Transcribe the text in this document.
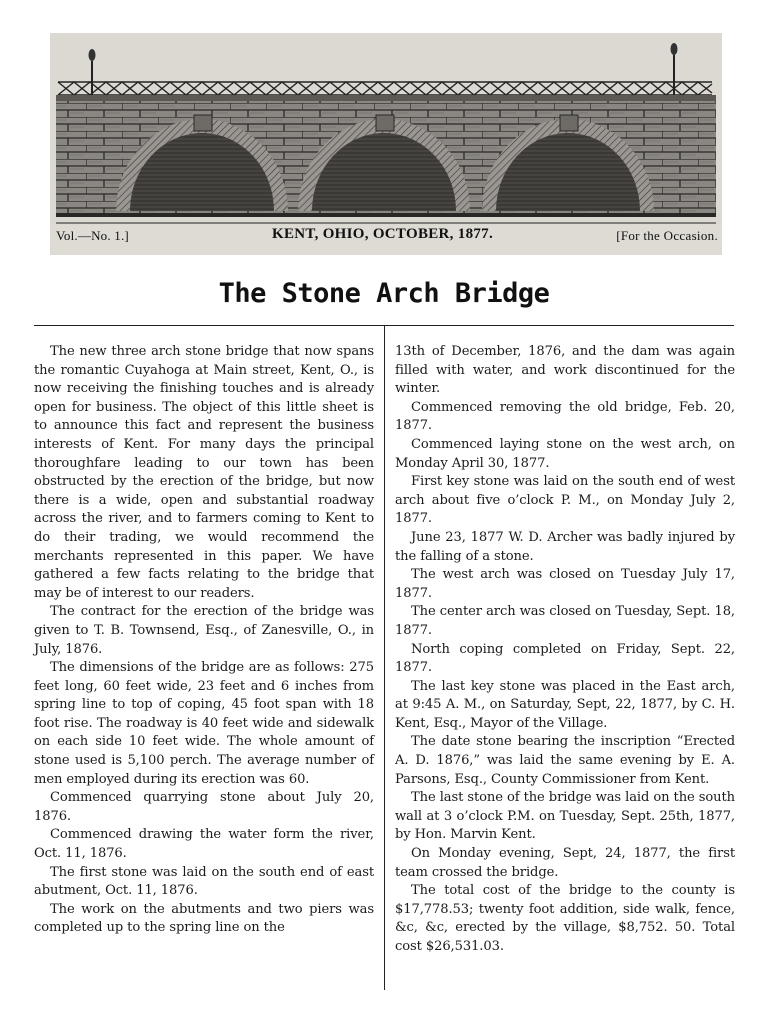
Vol.—No. 1.]	KENT, OHIO, OCTOBER, 1877.	[For the Occasion.
The Stone Arch Bridge

The new three arch stone bridge that now spans the romantic Cuyahoga at Main street, Kent, O., is now receiving the finishing touches and is already open for business. The object of this little sheet is to announce this fact and represent the business interests of Kent. For many days the principal thoroughfare leading to our town has been obstructed by the erection of the bridge, but now there is a wide, open and substantial roadway across the river, and to farmers coming to Kent to do their trading, we would recommend the merchants represented in this paper. We have gathered a few facts relating to the bridge that may be of interest to our readers.

The contract for the erection of the bridge was given to T. B. Townsend, Esq., of Zanesville, O., in July, 1876.

The dimensions of the bridge are as follows: 275 feet long, 60 feet wide, 23 feet and 6 inches from spring line to top of coping, 45 foot span with 18 foot rise. The roadway is 40 feet wide and sidewalk on each side 10 feet wide. The whole amount of stone used is 5,100 perch. The average number of men employed during its erection was 60.

Commenced quarrying stone about July 20, 1876.

Commenced drawing the water form the river, Oct. 11, 1876.

The first stone was laid on the south end of east abutment, Oct. 11, 1876.

The work on the abutments and two piers was completed up to the spring line on the

13th of December, 1876, and the dam was again filled with water, and work discontinued for the winter.

Commenced removing the old bridge, Feb. 20, 1877.

Commenced laying stone on the west arch, on Monday April 30, 1877.

First key stone was laid on the south end of west arch about five o’clock P. M., on Monday July 2, 1877.

June 23, 1877 W. D. Archer was badly injured by the falling of a stone.

The west arch was closed on Tuesday July 17, 1877.

The center arch was closed on Tuesday, Sept. 18, 1877.

North coping completed on Friday, Sept. 22, 1877.

The last key stone was placed in the East arch, at 9:45 A. M., on Saturday, Sept, 22, 1877, by C. H. Kent, Esq., Mayor of the Village.

The date stone bearing the inscription “Erected A. D. 1876,” was laid the same evening by E. A. Parsons, Esq., County Commissioner from Kent.

The last stone of the bridge was laid on the south wall at 3 o’clock P.M. on Tuesday, Sept. 25th, 1877, by Hon. Marvin Kent.

On Monday evening, Sept, 24, 1877, the first team crossed the bridge.

The total cost of the bridge to the county is $17,778.53; twenty foot addition, side walk, fence, &c, &c, erected by the village, $8,752. 50. Total cost $26,531.03.
